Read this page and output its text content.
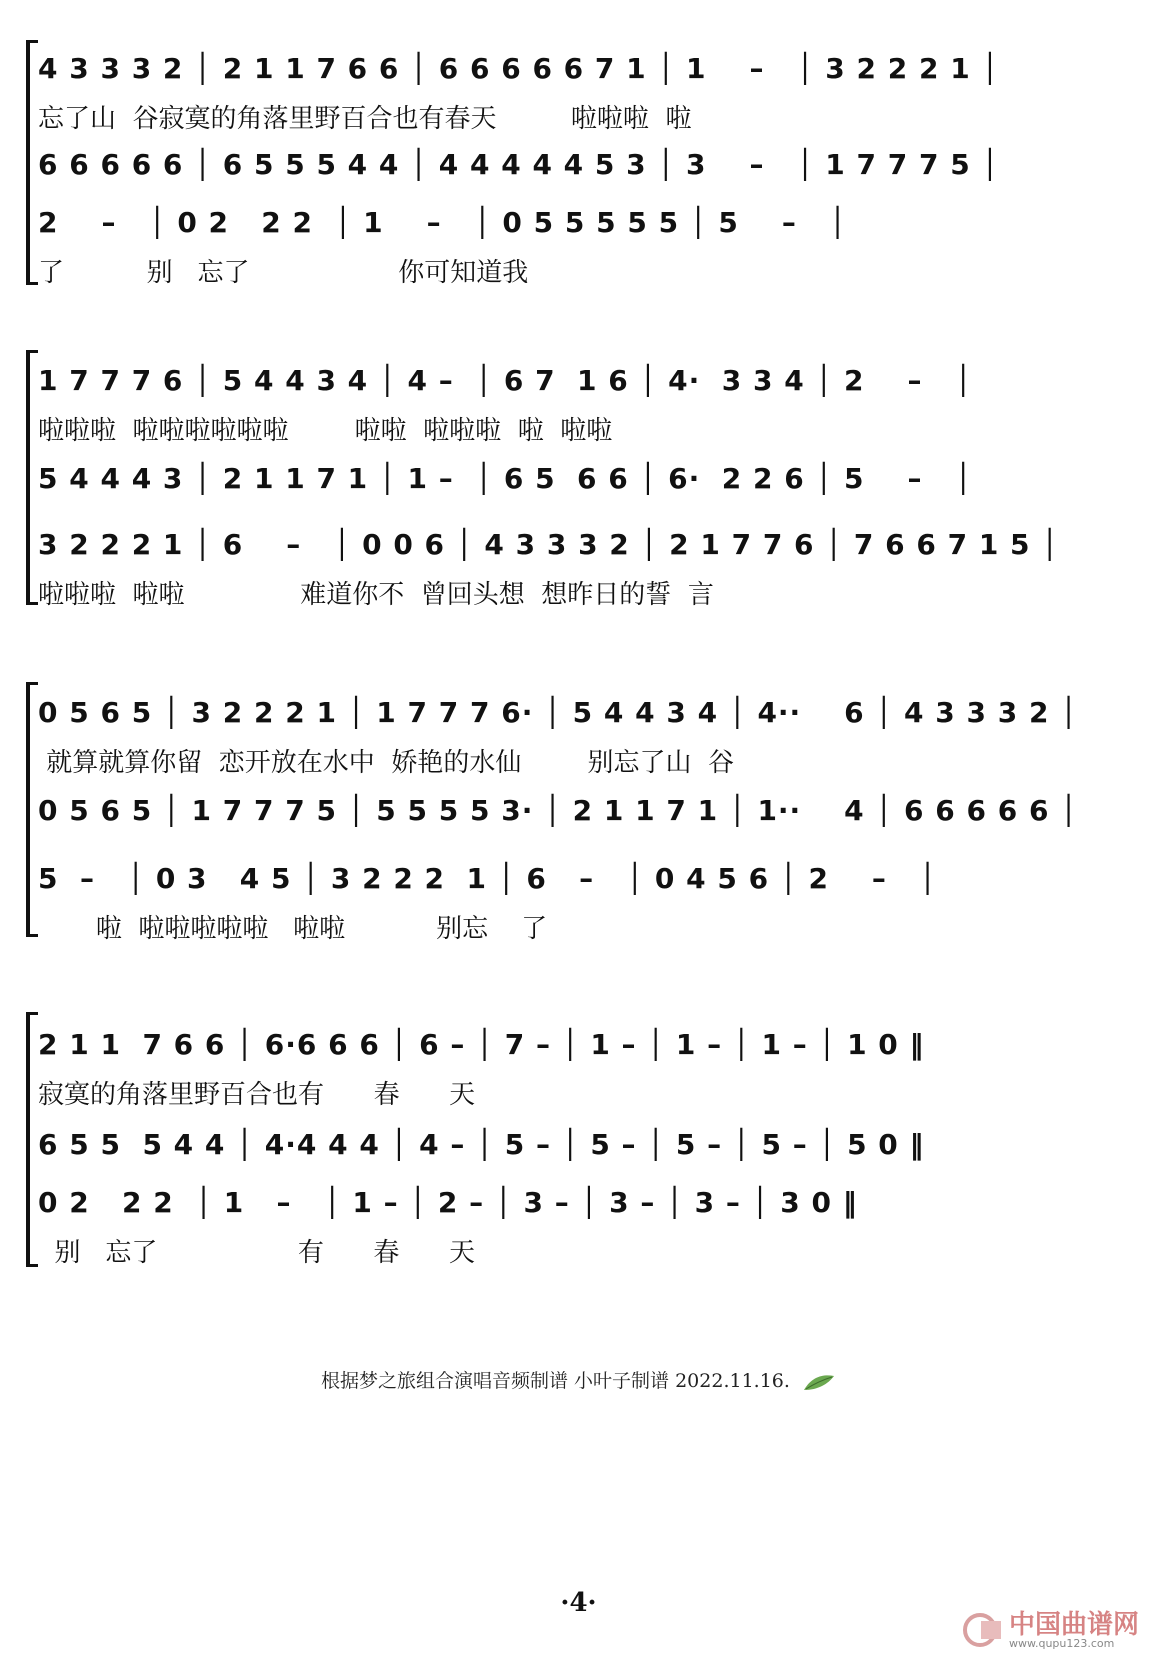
4 3 3 3 2 │ 2 1 1 7 6 6 │ 6 6 6 6 6 7 1 │ 1    –   │ 3 2 2 2 1 │
忘了山  谷寂寞的角落里野百合也有春天         啦啦啦  啦
6 6 6 6 6 │ 6 5 5 5 4 4 │ 4 4 4 4 4 5 3 │ 3    –   │ 1 7 7 7 5 │
2    –   │ 0 2   2 2  │ 1    –   │ 0 5 5 5 5 5 │ 5    –   │
了          别   忘了                  你可知道我
1 7 7 7 6 │ 5 4 4 3 4 │ 4 –  │ 6 7  1 6 │ 4·  3 3 4 │ 2    –   │
啦啦啦  啦啦啦啦啦啦        啦啦  啦啦啦  啦  啦啦
5 4 4 4 3 │ 2 1 1 7 1 │ 1 –  │ 6 5  6 6 │ 6·  2 2 6 │ 5    –   │
3 2 2 2 1 │ 6    –   │ 0 0 6 │ 4 3 3 3 2 │ 2 1 7 7 6 │ 7 6 6 7 1 5 │
啦啦啦  啦啦              难道你不  曾回头想  想昨日的誓  言
0 5 6 5 │ 3 2 2 2 1 │ 1 7 7 7 6· │ 5 4 4 3 4 │ 4··    6 │ 4 3 3 3 2 │
就算就算你留  恋开放在水中  娇艳的水仙        别忘了山  谷
0 5 6 5 │ 1 7 7 7 5 │ 5 5 5 5 3· │ 2 1 1 7 1 │ 1··    4 │ 6 6 6 6 6 │
5  –   │ 0 3   4 5 │ 3 2 2 2  1 │ 6   –   │ 0 4 5 6 │ 2    –   │
啦  啦啦啦啦啦   啦啦           别忘    了
2 1 1  7 6 6 │ 6·6 6 6 │ 6 – │ 7 – │ 1 – │ 1 – │ 1 – │ 1 0 ‖
寂寞的角落里野百合也有      春      天
6 5 5  5 4 4 │ 4·4 4 4 │ 4 – │ 5 – │ 5 – │ 5 – │ 5 – │ 5 0 ‖
0 2   2 2  │ 1   –   │ 1 – │ 2 – │ 3 – │ 3 – │ 3 – │ 3 0 ‖
别   忘了                 有      春      天
根据梦之旅组合演唱音频制谱 小叶子制谱 2022.11.16.
·4·
中国曲谱网
www.qupu123.com
